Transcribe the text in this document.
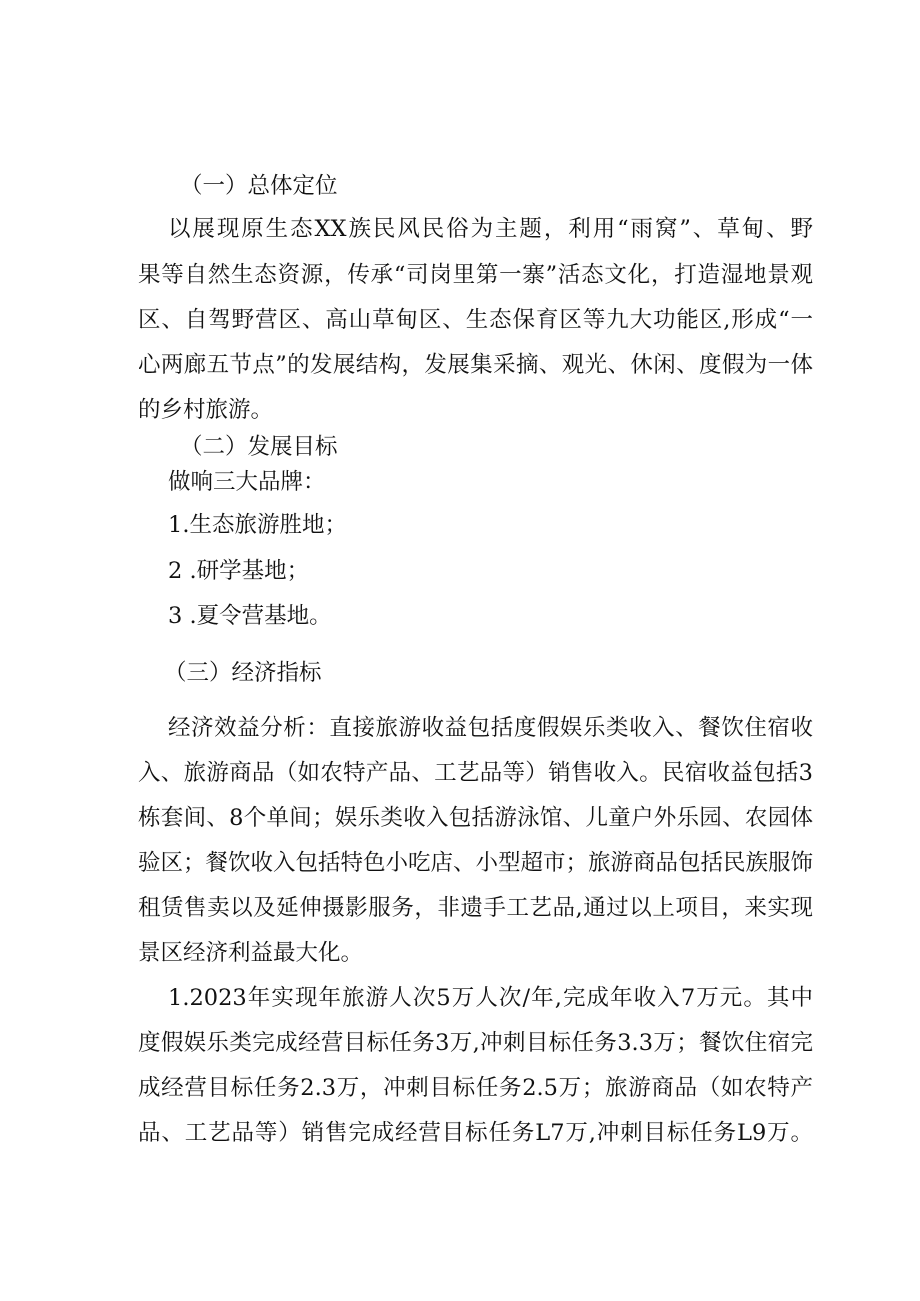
（一）总体定位

以展现原生态XX族民风民俗为主题，利用“雨窝”、草甸、野

果等自然生态资源，传承“司岗里第一寨”活态文化，打造湿地景观

区、自驾野营区、高山草甸区、生态保育区等九大功能区,形成“一

心两廊五节点”的发展结构，发展集采摘、观光、休闲、度假为一体

的乡村旅游。

（二）发展目标

做响三大品牌：

1.生态旅游胜地；

2 .研学基地；

3 .夏令营基地。

（三）经济指标

经济效益分析：直接旅游收益包括度假娱乐类收入、餐饮住宿收

入、旅游商品（如农特产品、工艺品等）销售收入。民宿收益包括3

栋套间、8个单间；娱乐类收入包括游泳馆、儿童户外乐园、农园体

验区；餐饮收入包括特色小吃店、小型超市；旅游商品包括民族服饰

租赁售卖以及延伸摄影服务，非遗手工艺品,通过以上项目，来实现

景区经济利益最大化。

1.2023年实现年旅游人次5万人次/年,完成年收入7万元。其中

度假娱乐类完成经营目标任务3万,冲刺目标任务3.3万；餐饮住宿完

成经营目标任务2.3万，冲刺目标任务2.5万；旅游商品（如农特产

品、工艺品等）销售完成经营目标任务L7万,冲刺目标任务L9万。
